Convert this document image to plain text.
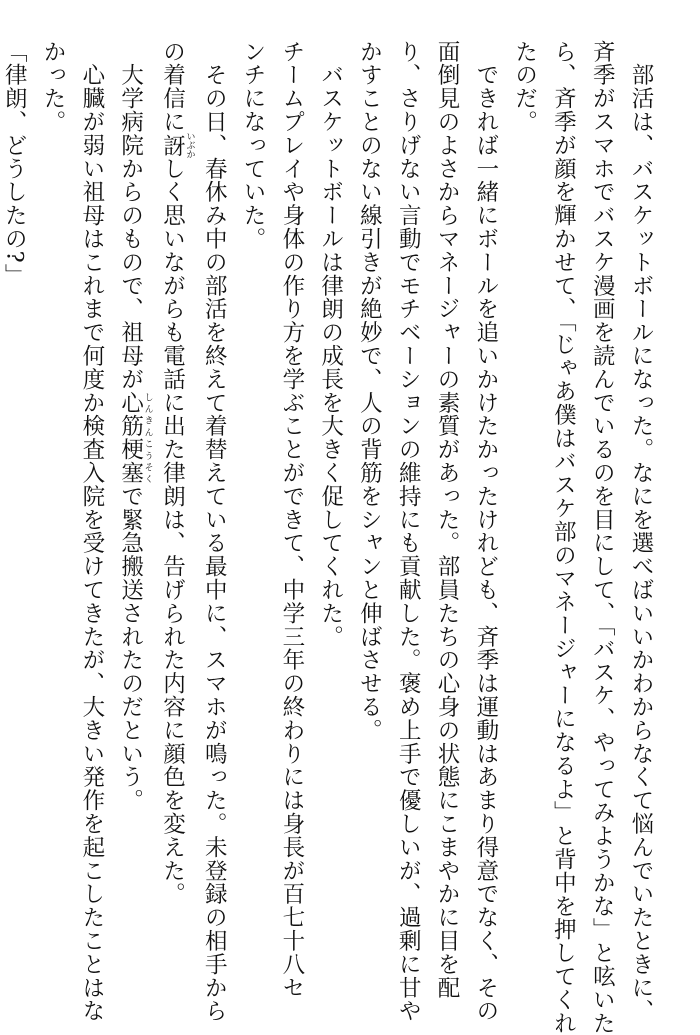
　部活は、バスケットボールになった。なにを選べばいいかわからなくて悩んでいたときに、

斉季がスマホでバスケ漫画を読んでいるのを目にして、「バスケ、やってみようかな」と呟いた

ら、斉季が顔を輝かせて、「じゃあ僕はバスケ部のマネージャーになるよ」と背中を押してくれ

たのだ。

　できれば一緒にボールを追いかけたかったけれども、斉季は運動はあまり得意でなく、その

面倒見のよさからマネージャーの素質があった。部員たちの心身の状態にこまやかに目を配

り、さりげない言動でモチベーションの維持にも貢献した。褒め上手で優しいが、過剰に甘や

かすことのない線引きが絶妙で、人の背筋をシャンと伸ばさせる。

　バスケットボールは律朗の成長を大きく促してくれた。

チームプレイや身体の作り方を学ぶことができて、中学三年の終わりには身長が百七十八セ

ンチになっていた。

　その日、春休み中の部活を終えて着替えている最中に、スマホが鳴った。未登録の相手から

の着信に訝 いぶかしく思いながらも電話に出た律朗は、告げられた内容に顔色を変えた。

　大学病院からのもので、祖母が心筋梗塞 しんきんこうそくで緊急搬送されたのだという。

　心臓が弱い祖母はこれまで何度か検査入院を受けてきたが、大きい発作を起こしたことはな

かった。

「律朗、どうしたの?」
